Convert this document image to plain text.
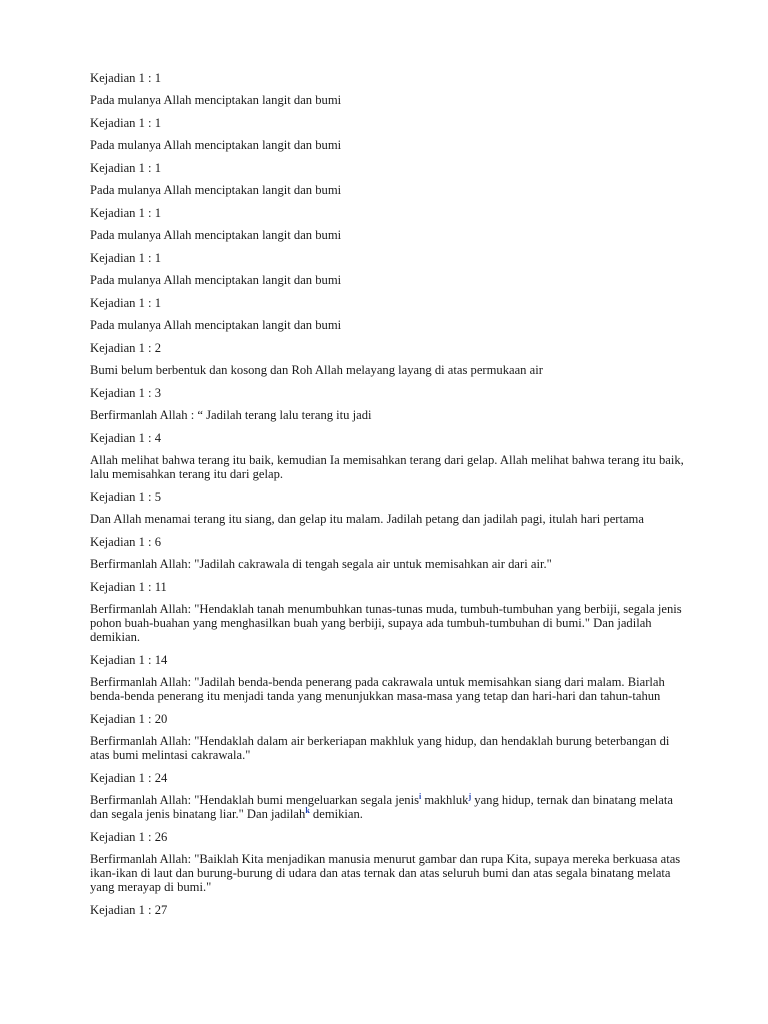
Kejadian 1 : 1

Pada mulanya Allah menciptakan langit dan bumi

Kejadian 1 : 1

Pada mulanya Allah menciptakan langit dan bumi

Kejadian 1 : 1

Pada mulanya Allah menciptakan langit dan bumi

Kejadian 1 : 1

Pada mulanya Allah menciptakan langit dan bumi

Kejadian 1 : 1

Pada mulanya Allah menciptakan langit dan bumi

Kejadian 1 : 1

Pada mulanya Allah menciptakan langit dan bumi

Kejadian 1 : 2

Bumi belum berbentuk dan kosong dan Roh Allah melayang layang di atas permukaan air

Kejadian 1 : 3

Berfirmanlah Allah : “ Jadilah terang lalu terang itu jadi

Kejadian 1 : 4

Allah melihat bahwa terang itu baik, kemudian Ia memisahkan terang dari gelap. Allah melihat bahwa terang itu baik, lalu memisahkan terang itu dari gelap.

Kejadian 1 : 5

Dan Allah menamai terang itu siang, dan gelap itu malam. Jadilah petang dan jadilah pagi, itulah hari pertama

Kejadian 1 : 6

Berfirmanlah Allah: "Jadilah cakrawala di tengah segala air untuk memisahkan air dari air."

Kejadian 1 : 11

Berfirmanlah Allah: "Hendaklah tanah menumbuhkan tunas-tunas muda, tumbuh-tumbuhan yang berbiji, segala jenis pohon buah-buahan yang menghasilkan buah yang berbiji, supaya ada tumbuh-tumbuhan di bumi." Dan jadilah demikian.

Kejadian 1 : 14

Berfirmanlah Allah: "Jadilah benda-benda penerang pada cakrawala untuk memisahkan siang dari malam. Biarlah benda-benda penerang itu menjadi tanda yang menunjukkan masa-masa yang tetap dan hari-hari dan tahun-tahun

Kejadian 1 : 20

Berfirmanlah Allah: "Hendaklah dalam air berkeriapan makhluk yang hidup, dan hendaklah burung beterbangan di atas bumi melintasi cakrawala."

Kejadian 1 : 24

Berfirmanlah Allah: "Hendaklah bumi mengeluarkan segala jenis$^i$ makhluk$^j$ yang hidup, ternak dan binatang melata dan segala jenis binatang liar." Dan jadilah$^k$ demikian.

Kejadian 1 : 26

Berfirmanlah Allah: "Baiklah Kita menjadikan manusia menurut gambar dan rupa Kita, supaya mereka berkuasa atas ikan-ikan di laut dan burung-burung di udara dan atas ternak dan atas seluruh bumi dan atas segala binatang melata yang merayap di bumi."

Kejadian 1 : 27
